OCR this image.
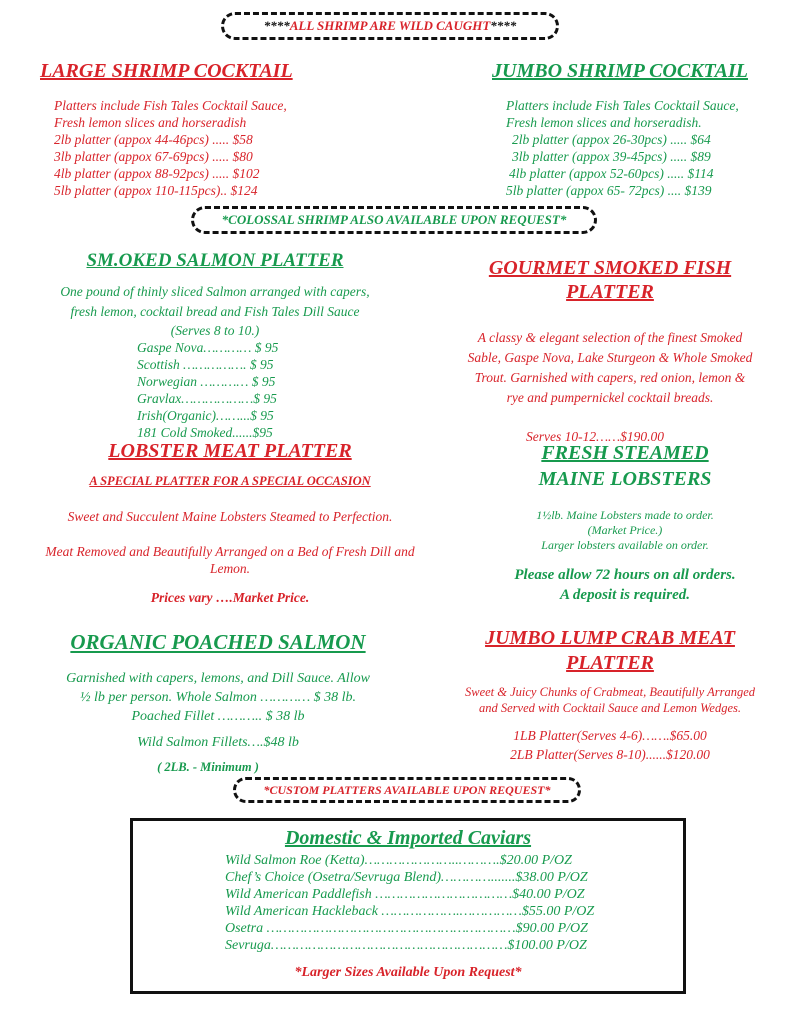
**** ALL SHRIMP ARE WILD CAUGHT ****

LARGE SHRIMP COCKTAIL

Platters include Fish Tales Cocktail Sauce,

Fresh lemon slices and horseradish

2lb platter (appox 44-46pcs) ..... $58

3lb platter (appox 67-69pcs) ..... $80

4lb platter (appox 88-92pcs) ..... $102

5lb platter (appox 110-115pcs).. $124

JUMBO SHRIMP COCKTAIL

Platters include Fish Tales Cocktail Sauce,

Fresh lemon slices and horseradish.

2lb platter (appox 26-30pcs) ..... $64

3lb platter (appox 39-45pcs) ..... $89

4lb platter (appox 52-60pcs) ..... $114

5lb platter (appox 65- 72pcs) .... $139

*COLOSSAL SHRIMP ALSO AVAILABLE UPON REQUEST*

SM.OKED SALMON PLATTER

One pound of thinly sliced Salmon arranged with capers,

fresh lemon, cocktail bread and Fish Tales Dill Sauce

(Serves 8 to 10.)

Gaspe Nova………… $ 95

Scottish ……………. $ 95

Norwegian ………… $ 95

Gravlax………………$ 95

Irish(Organic)……...$ 95

181 Cold Smoked......$95

GOURMET SMOKED FISH
PLATTER

A classy & elegant selection of the finest Smoked

Sable, Gaspe Nova, Lake Sturgeon & Whole Smoked

Trout. Garnished with capers, red onion, lemon &

rye and pumpernickel cocktail breads.

Serves 10-12……$190.00

LOBSTER MEAT PLATTER

A SPECIAL PLATTER FOR A SPECIAL OCCASION

Sweet and Succulent Maine Lobsters Steamed to Perfection.

Meat Removed and Beautifully Arranged on a Bed of Fresh Dill and

Lemon.

Prices vary ….Market Price.

FRESH STEAMED
MAINE LOBSTERS

1½lb. Maine Lobsters made to order.

(Market Price.)

Larger lobsters available on order.

Please allow 72 hours on all orders.

A deposit is required.

ORGANIC POACHED SALMON

Garnished with capers, lemons, and Dill Sauce. Allow

½ lb per person. Whole Salmon ………… $ 38 lb.

Poached Fillet ……….. $ 38 lb

Wild Salmon Fillets….$48 lb

( 2LB. - Minimum )

JUMBO LUMP CRAB MEAT
PLATTER

Sweet & Juicy Chunks of Crabmeat, Beautifully Arranged

and Served with Cocktail Sauce and Lemon Wedges.

1LB Platter(Serves 4-6)…….$65.00

2LB Platter(Serves 8-10)......$120.00

*CUSTOM PLATTERS AVAILABLE UPON REQUEST*

Domestic & Imported Caviars

Wild Salmon Roe (Ketta)…………………..……….$20.00 P/OZ
Chef’s Choice (Osetra/Sevruga Blend)………….......$38.00 P/OZ
Wild American Paddlefish ……………………………$40.00 P/OZ
Wild American Hackleback ……………….……………$55.00 P/OZ
Osetra ……………………………………………………$90.00 P/OZ
Sevruga…………………………………………………$100.00 P/OZ

*Larger Sizes Available Upon Request*
